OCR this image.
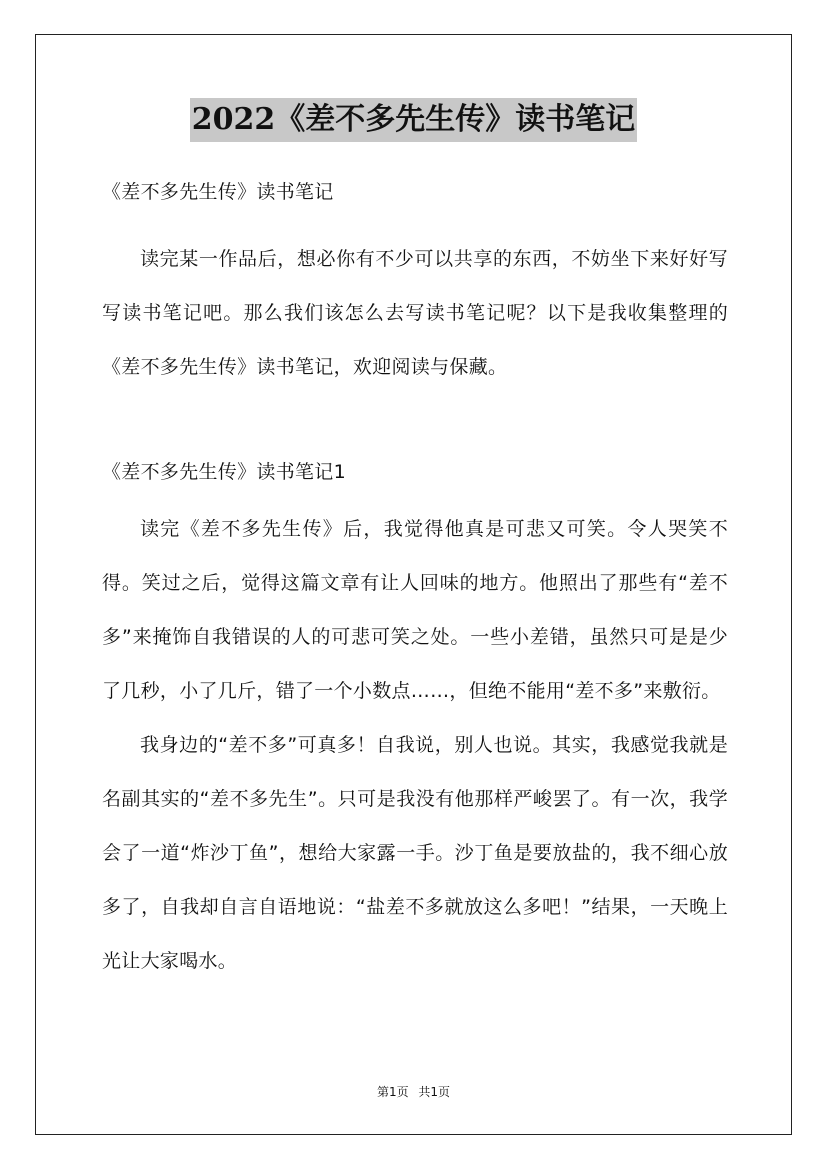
2022《差不多先生传》读书笔记

《差不多先生传》读书笔记

读完某一作品后，想必你有不少可以共享的东西，不妨坐下来好好写写读书笔记吧。那么我们该怎么去写读书笔记呢？以下是我收集整理的《差不多先生传》读书笔记，欢迎阅读与保藏。

《差不多先生传》读书笔记1

读完《差不多先生传》后，我觉得他真是可悲又可笑。令人哭笑不得。笑过之后，觉得这篇文章有让人回味的地方。他照出了那些有“差不多”来掩饰自我错误的人的可悲可笑之处。一些小差错，虽然只可是是少了几秒，小了几斤，错了一个小数点……，但绝不能用“差不多”来敷衍。

我身边的“差不多”可真多！自我说，别人也说。其实，我感觉我就是名副其实的“差不多先生”。只可是我没有他那样严峻罢了。有一次，我学会了一道“炸沙丁鱼”，想给大家露一手。沙丁鱼是要放盐的，我不细心放多了，自我却自言自语地说：“盐差不多就放这么多吧！”结果，一天晚上光让大家喝水。

第1页 共1页
